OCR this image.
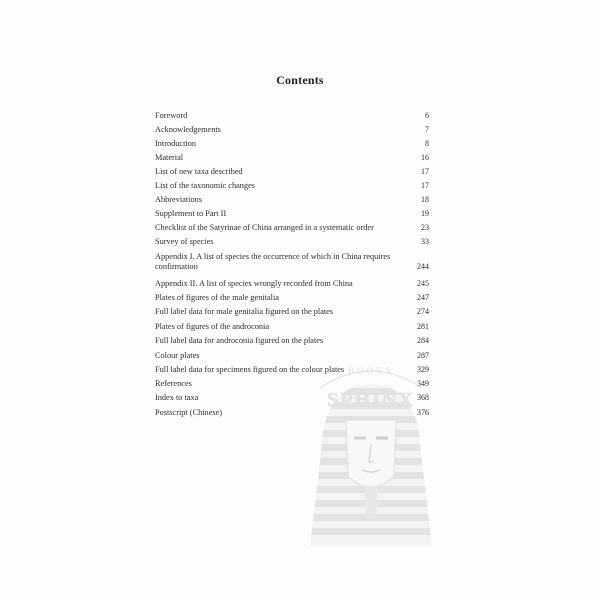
Contents
Foreword	6
Acknowledgements	7
Introduction	8
Material	16
List of new taxa described	17
List of the taxonomic changes	17
Abbreviations	18
Supplement to Part II	19
Checklist of the Satyrinae of China arranged in a systematic order	23
Survey of species	33
Appendix I. A list of species the occurrence of which in China requires confirmation	244
Appendix II. A list of species wrongly recorded from China	245
Plates of figures of the male genitalia	247
Full label data for male genitalia figured on the plates	274
Plates of figures of the androconia	281
Full label data for androconia figured on the plates	284
Colour plates	287
Full label data for specimens figured on the colour plates	329
References	349
Index to taxa	368
Postscript (Chinese)	376
BOOKS
SPHINX
